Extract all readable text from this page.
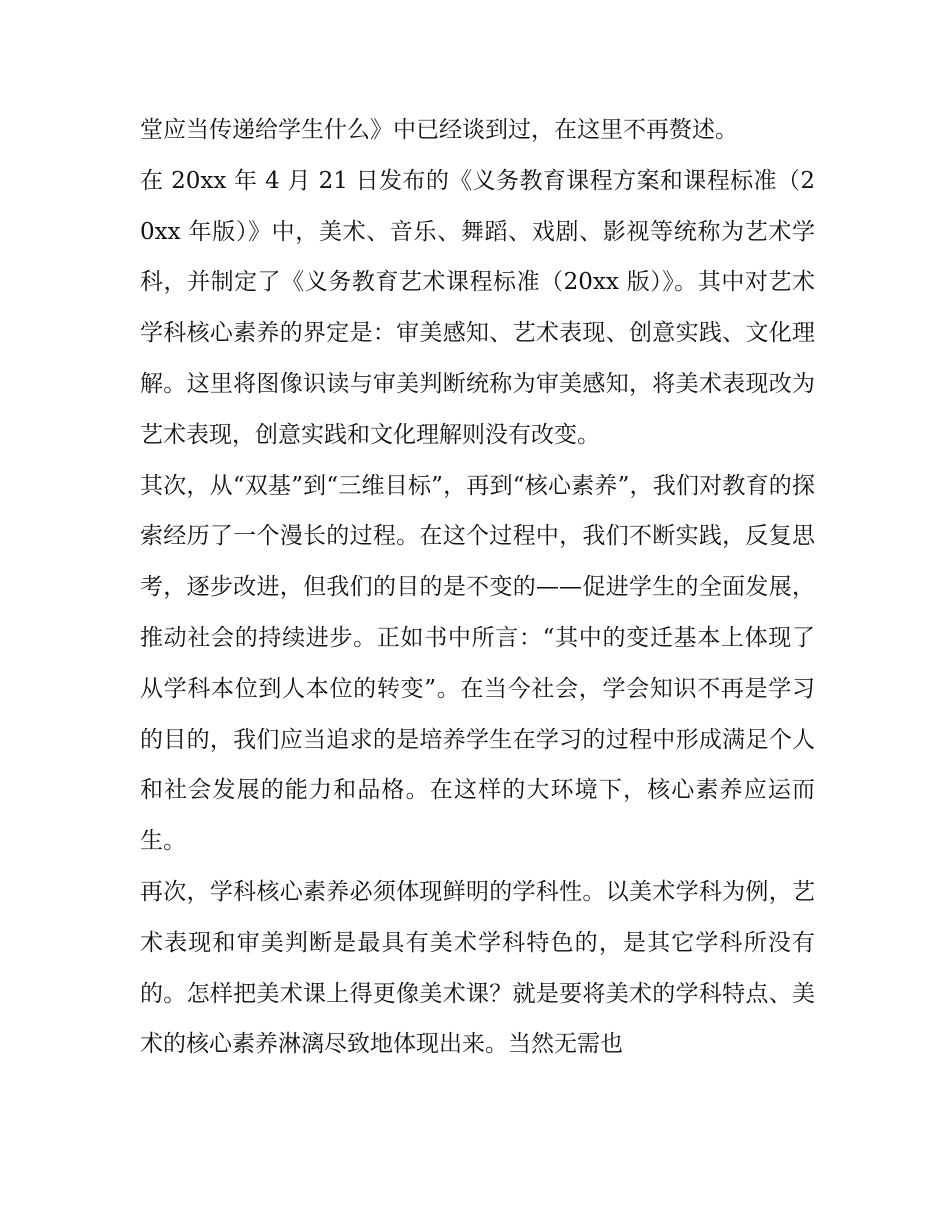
堂应当传递给学生什么》中已经谈到过，在这里不再赘述。

在 20xx 年 4 月 21 日发布的《义务教育课程方案和课程标准（20xx 年版）》中，美术、音乐、舞蹈、戏剧、影视等统称为艺术学科，并制定了《义务教育艺术课程标准（20xx 版）》。其中对艺术学科核心素养的界定是：审美感知、艺术表现、创意实践、文化理解。这里将图像识读与审美判断统称为审美感知，将美术表现改为艺术表现，创意实践和文化理解则没有改变。

其次，从“双基”到“三维目标”，再到“核心素养”，我们对教育的探索经历了一个漫长的过程。在这个过程中，我们不断实践，反复思考，逐步改进，但我们的目的是不变的——促进学生的全面发展，推动社会的持续进步。正如书中所言：“其中的变迁基本上体现了从学科本位到人本位的转变”。在当今社会，学会知识不再是学习的目的，我们应当追求的是培养学生在学习的过程中形成满足个人和社会发展的能力和品格。在这样的大环境下，核心素养应运而生。

再次，学科核心素养必须体现鲜明的学科性。以美术学科为例，艺术表现和审美判断是最具有美术学科特色的，是其它学科所没有的。怎样把美术课上得更像美术课？就是要将美术的学科特点、美术的核心素养淋漓尽致地体现出来。当然无需也
